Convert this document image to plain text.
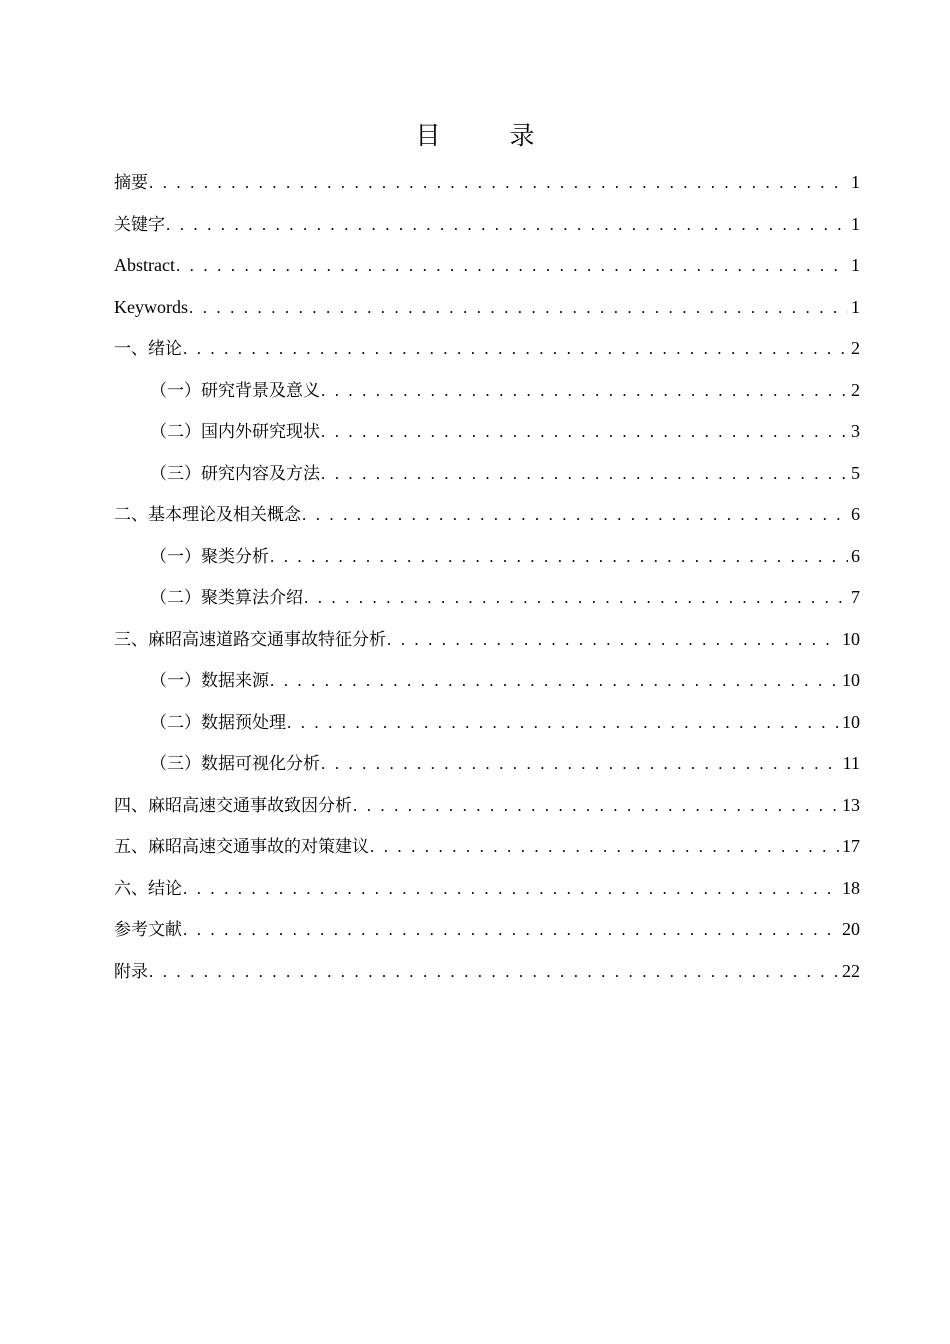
目　录
摘要 . . .	1
关键字 . . .	1
Abstract . . .	1
Keywords . . .	1
一、绪论 . . .	2
（一）研究背景及意义 . . .	2
（二）国内外研究现状 . . .	3
（三）研究内容及方法 . . .	5
二、基本理论及相关概念 . . .	6
（一）聚类分析 . . .	6
（二）聚类算法介绍 . . .	7
三、麻昭高速道路交通事故特征分析 . . .	10
（一）数据来源 . . .	10
（二）数据预处理 . . .	10
（三）数据可视化分析 . . .	11
四、麻昭高速交通事故致因分析 . . .	13
五、麻昭高速交通事故的对策建议 . . .	17
六、结论 . . .	18
参考文献 . . .	20
附录 . . .	22
